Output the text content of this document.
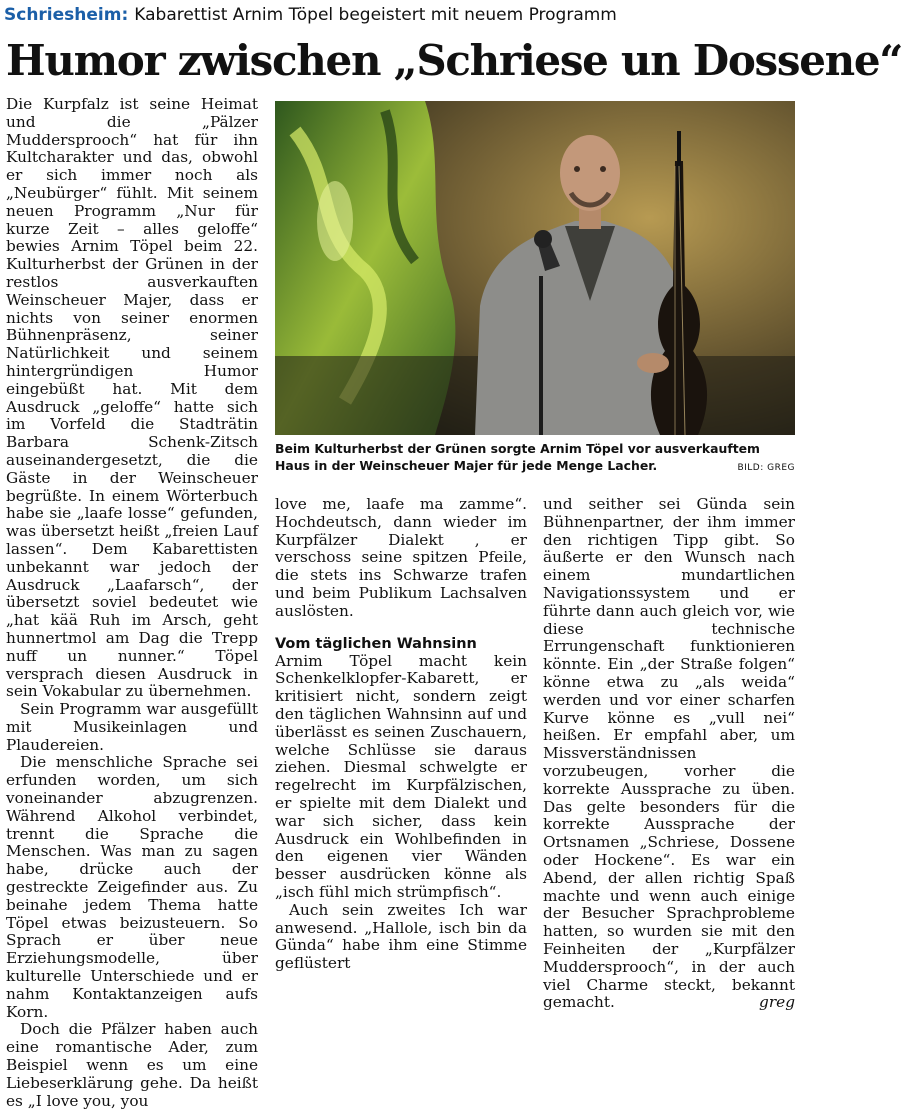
Schriesheim: Kabarettist Arnim Töpel begeistert mit neuem Programm
Humor zwischen „Schriese un Dossene“

Die Kurpfalz ist seine Heimat und die „Pälzer Muddersprooch“ hat für ihn Kultcharakter und das, obwohl er sich immer noch als „Neubürger“ fühlt. Mit seinem neuen Programm „Nur für kurze Zeit – alles geloffe“ bewies Arnim Töpel beim 22. Kulturherbst der Grünen in der restlos ausverkauften Weinscheuer Majer, dass er nichts von seiner enormen Bühnenpräsenz, seiner Natürlichkeit und seinem hintergründigen Humor eingebüßt hat. Mit dem Ausdruck „geloffe“ hatte sich im Vorfeld die Stadträtin Barbara Schenk-Zitsch auseinandergesetzt, die die Gäste in der Weinscheuer begrüßte. In einem Wörterbuch habe sie „laafe losse“ gefunden, was übersetzt heißt „freien Lauf lassen“. Dem Kabarettisten unbekannt war jedoch der Ausdruck „Laafarsch“, der übersetzt soviel bedeutet wie „hat kää Ruh im Arsch, geht hunnertmol am Dag die Trepp nuff un nunner.“ Töpel versprach diesen Ausdruck in sein Vokabular zu übernehmen.

Sein Programm war ausgefüllt mit Musikeinlagen und Plaudereien.

Die menschliche Sprache sei erfunden worden, um sich voneinander abzugrenzen. Während Alkohol verbindet, trennt die Sprache die Menschen. Was man zu sagen habe, drücke auch der gestreckte Zeigefinder aus. Zu beinahe jedem Thema hatte Töpel etwas beizusteuern. So Sprach er über neue Erziehungsmodelle, über kulturelle Unterschiede und er nahm Kontaktanzeigen aufs Korn.

Doch die Pfälzer haben auch eine romantische Ader, zum Beispiel wenn es um eine Liebeserklärung gehe. Da heißt es „I love you, you

Beim Kulturherbst der Grünen sorgte Arnim Töpel vor ausverkauftem Haus in der Weinscheuer Majer für jede Menge Lacher.	BILD: GREG

love me, laafe ma zamme“. Hochdeutsch, dann wieder im Kurpfälzer Dialekt , er verschoss seine spitzen Pfeile, die stets ins Schwarze trafen und beim Publikum Lachsalven auslösten.

Vom täglichen Wahnsinn

Arnim Töpel macht kein Schenkelklopfer-Kabarett, er kritisiert nicht, sondern zeigt den täglichen Wahnsinn auf und überlässt es seinen Zuschauern, welche Schlüsse sie daraus ziehen. Diesmal schwelgte er regelrecht im Kurpfälzischen, er spielte mit dem Dialekt und war sich sicher, dass kein Ausdruck ein Wohlbefinden in den eigenen vier Wänden besser ausdrücken könne als „isch fühl mich strümpfisch“.

Auch sein zweites Ich war anwesend. „Hallole, isch bin da Günda“ habe ihm eine Stimme geflüstert

und seither sei Günda sein Bühnenpartner, der ihm immer den richtigen Tipp gibt. So äußerte er den Wunsch nach einem mundartlichen Navigationssystem und er führte dann auch gleich vor, wie diese technische Errungenschaft funktionieren könnte. Ein „der Straße folgen“ könne etwa zu „als weida“ werden und vor einer scharfen Kurve könne es „vull nei“ heißen. Er empfahl aber, um Missverständnissen vorzubeugen, vorher die korrekte Aussprache zu üben. Das gelte besonders für die korrekte Aussprache der Ortsnamen „Schriese, Dossene oder Hockene“. Es war ein Abend, der allen richtig Spaß machte und wenn auch einige der Besucher Sprachprobleme hatten, so wurden sie mit den Feinheiten der „Kurpfälzer Muddersprooch“, in der auch viel Charme steckt, bekannt gemacht.	greg
